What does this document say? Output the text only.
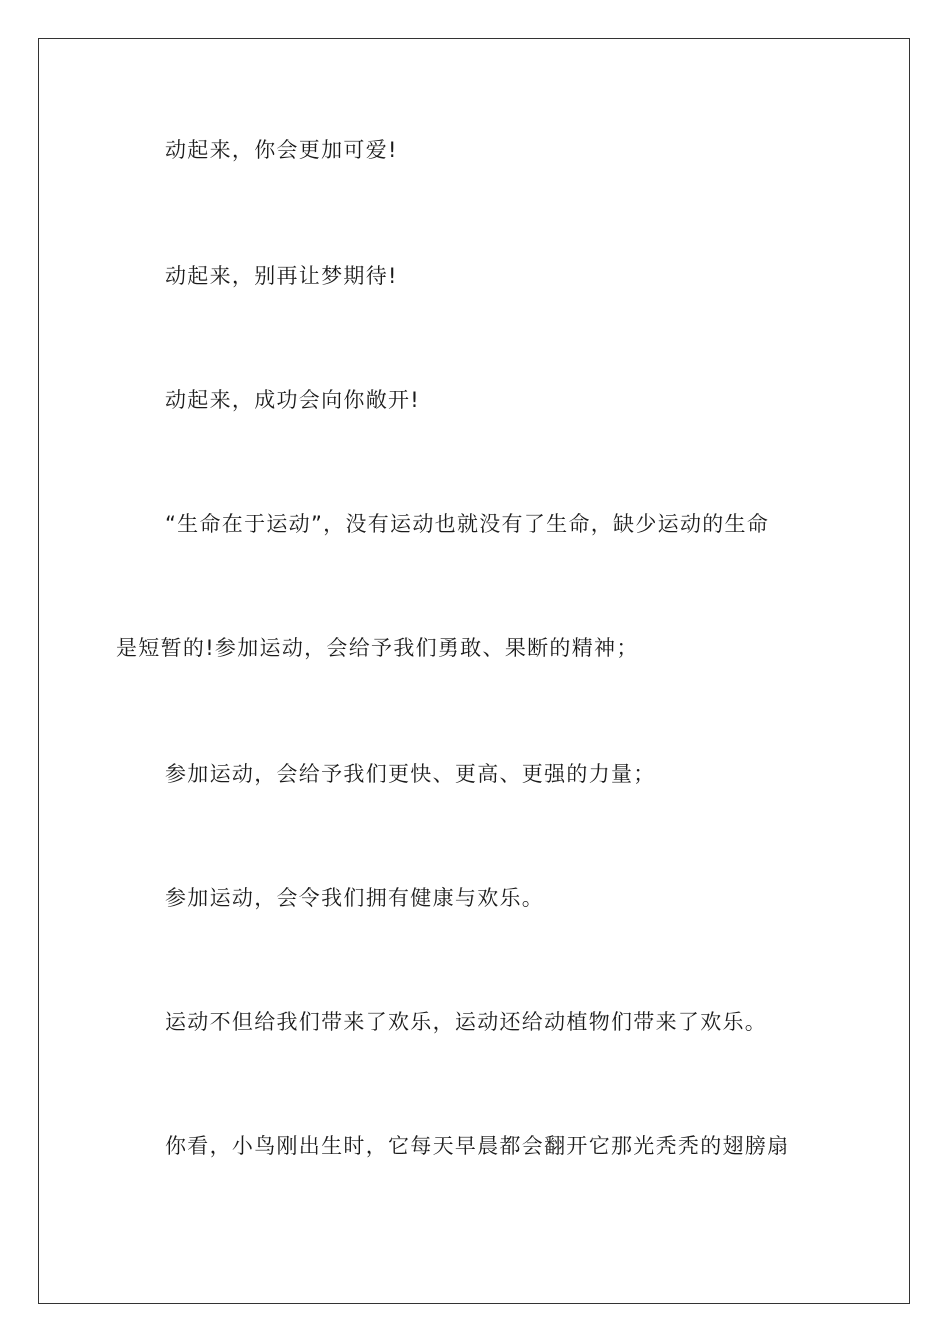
动起来，你会更加可爱!
动起来，别再让梦期待!
动起来，成功会向你敞开!
“生命在于运动”，没有运动也就没有了生命，缺少运动的生命
是短暂的!参加运动，会给予我们勇敢、果断的精神；
参加运动，会给予我们更快、更高、更强的力量；
参加运动，会令我们拥有健康与欢乐。
运动不但给我们带来了欢乐，运动还给动植物们带来了欢乐。
你看，小鸟刚出生时，它每天早晨都会翻开它那光秃秃的翅膀扇
